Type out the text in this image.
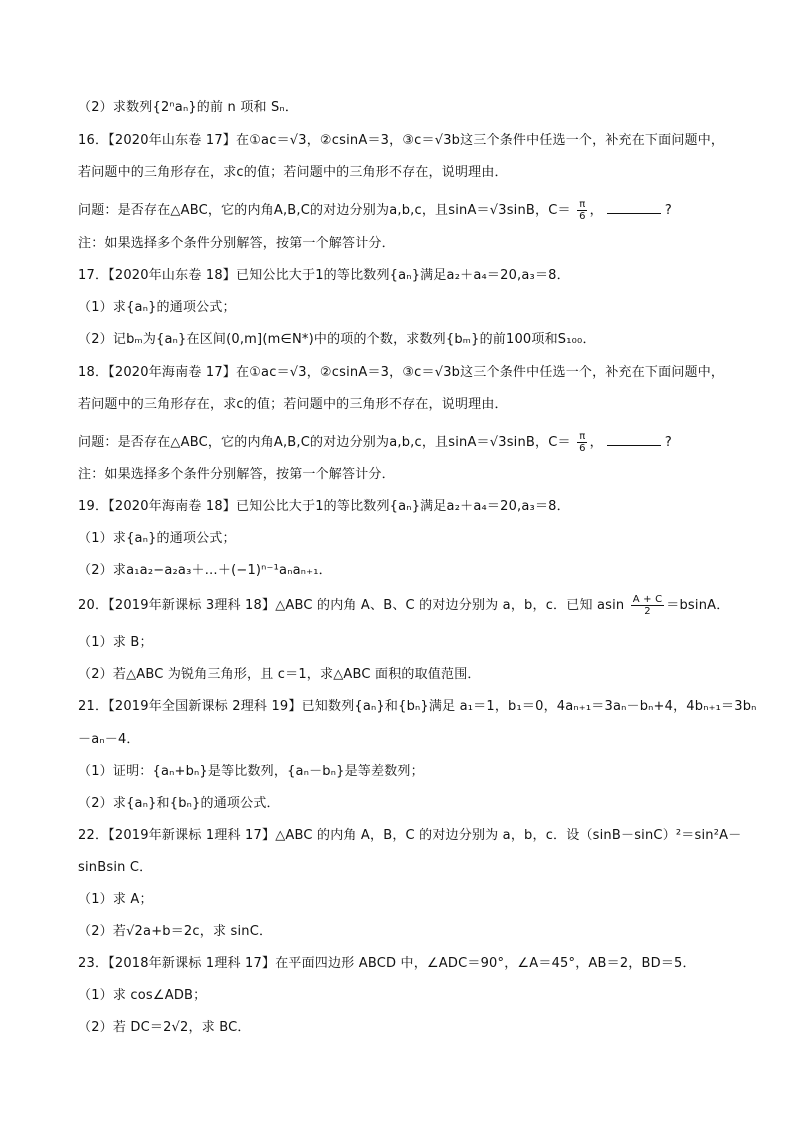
（2）求数列{2ⁿaₙ}的前 n 项和 Sₙ．
16．【2020年山东卷 17】在①ac＝√3，②csinA＝3，③c＝√3b这三个条件中任选一个，补充在下面问题中，
若问题中的三角形存在，求c的值；若问题中的三角形不存在，说明理由．
问题：是否存在△ABC，它的内角A,B,C的对边分别为a,b,c，且sinA＝√3sinB，$C= \frac{\pi}{6}$ ，	?
注：如果选择多个条件分别解答，按第一个解答计分．
17．【2020年山东卷 18】已知公比大于1的等比数列{aₙ}满足a₂＋a₄＝20,a₃＝8．
（1）求{aₙ}的通项公式；
（2）记bₘ为{aₙ}在区间(0,m](m∈N*)中的项的个数，求数列{bₘ}的前100项和S₁₀₀．
18．【2020年海南卷 17】在①ac＝√3，②csinA＝3，③c＝√3b这三个条件中任选一个，补充在下面问题中，
若问题中的三角形存在，求c的值；若问题中的三角形不存在，说明理由．
问题：是否存在△ABC，它的内角A,B,C的对边分别为a,b,c，且sinA＝√3sinB，$C= \frac{\pi}{6}$ ，	?
注：如果选择多个条件分别解答，按第一个解答计分．
19．【2020年海南卷 18】已知公比大于1的等比数列{aₙ}满足a₂＋a₄＝20,a₃＝8．
（1）求{aₙ}的通项公式；
（2）求a₁a₂−a₂a₃＋…＋(−1)ⁿ⁻¹aₙaₙ₊₁．
20．【2019年新课标 3理科 18】△ABC 的内角 A、B、C 的对边分别为 a，b，c．已知 asin $\frac{A + C}{2} =bsinA$．
（1）求 B；
（2）若△ABC 为锐角三角形，且 c＝1，求△ABC 面积的取值范围．
21．【2019年全国新课标 2理科 19】已知数列{aₙ}和{bₙ}满足 a₁＝1，b₁＝0，4aₙ₊₁＝3aₙ－bₙ+4，4bₙ₊₁＝3bₙ
－aₙ－4．
（1）证明：{aₙ+bₙ}是等比数列，{aₙ－bₙ}是等差数列；
（2）求{aₙ}和{bₙ}的通项公式．
22．【2019年新课标 1理科 17】△ABC 的内角 A，B，C 的对边分别为 a，b，c．设（sinB－sinC）²＝sin²A－
sinBsin C．
（1）求 A；
（2）若√2a+b＝2c，求 sinC．
23．【2018年新课标 1理科 17】在平面四边形 ABCD 中，∠ADC＝90°，∠A＝45°，AB＝2，BD＝5．
（1）求 cos∠ADB；
（2）若 DC＝2√2，求 BC．
